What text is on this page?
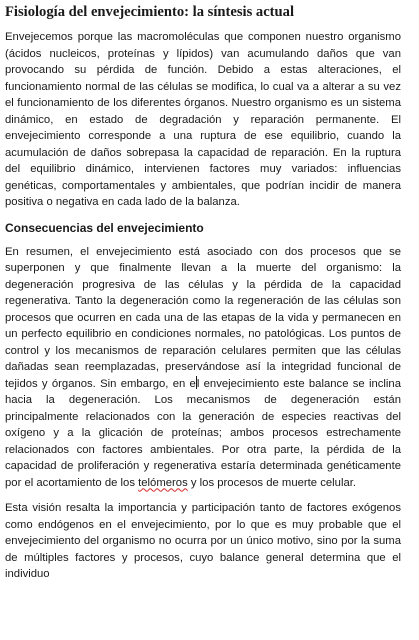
Fisiología del envejecimiento: la síntesis actual

Envejecemos porque las macromoléculas que componen nuestro organismo (ácidos nucleicos, proteínas y lípidos) van acumulando daños que van provocando su pérdida de función. Debido a estas alteraciones, el funcionamiento normal de las células se modifica, lo cual va a alterar a su vez el funcionamiento de los diferentes órganos. Nuestro organismo es un sistema dinámico, en estado de degradación y reparación permanente. El envejecimiento corresponde a una ruptura de ese equilibrio, cuando la acumulación de daños sobrepasa la capacidad de reparación. En la ruptura del equilibrio dinámico, intervienen factores muy variados: influencias genéticas, comportamentales y ambientales, que podrían incidir de manera positiva o negativa en cada lado de la balanza.

Consecuencias del envejecimiento

En resumen, el envejecimiento está asociado con dos procesos que se superponen y que finalmente llevan a la muerte del organismo: la degeneración progresiva de las células y la pérdida de la capacidad regenerativa. Tanto la degeneración como la regeneración de las células son procesos que ocurren en cada una de las etapas de la vida y permanecen en un perfecto equilibrio en condiciones normales, no patológicas. Los puntos de control y los mecanismos de reparación celulares permiten que las células dañadas sean reemplazadas, preservándose así la integridad funcional de tejidos y órganos. Sin embargo, en el envejecimiento este balance se inclina hacia la degeneración. Los mecanismos de degeneración están principalmente relacionados con la generación de especies reactivas del oxígeno y a la glicación de proteínas; ambos procesos estrechamente relacionados con factores ambientales. Por otra parte, la pérdida de la capacidad de proliferación y regenerativa estaría determinada genéticamente por el acortamiento de los telómeros y los procesos de muerte celular.

Esta visión resalta la importancia y participación tanto de factores exógenos como endógenos en el envejecimiento, por lo que es muy probable que el envejecimiento del organismo no ocurra por un único motivo, sino por la suma de múltiples factores y procesos, cuyo balance general determina que el individuo
